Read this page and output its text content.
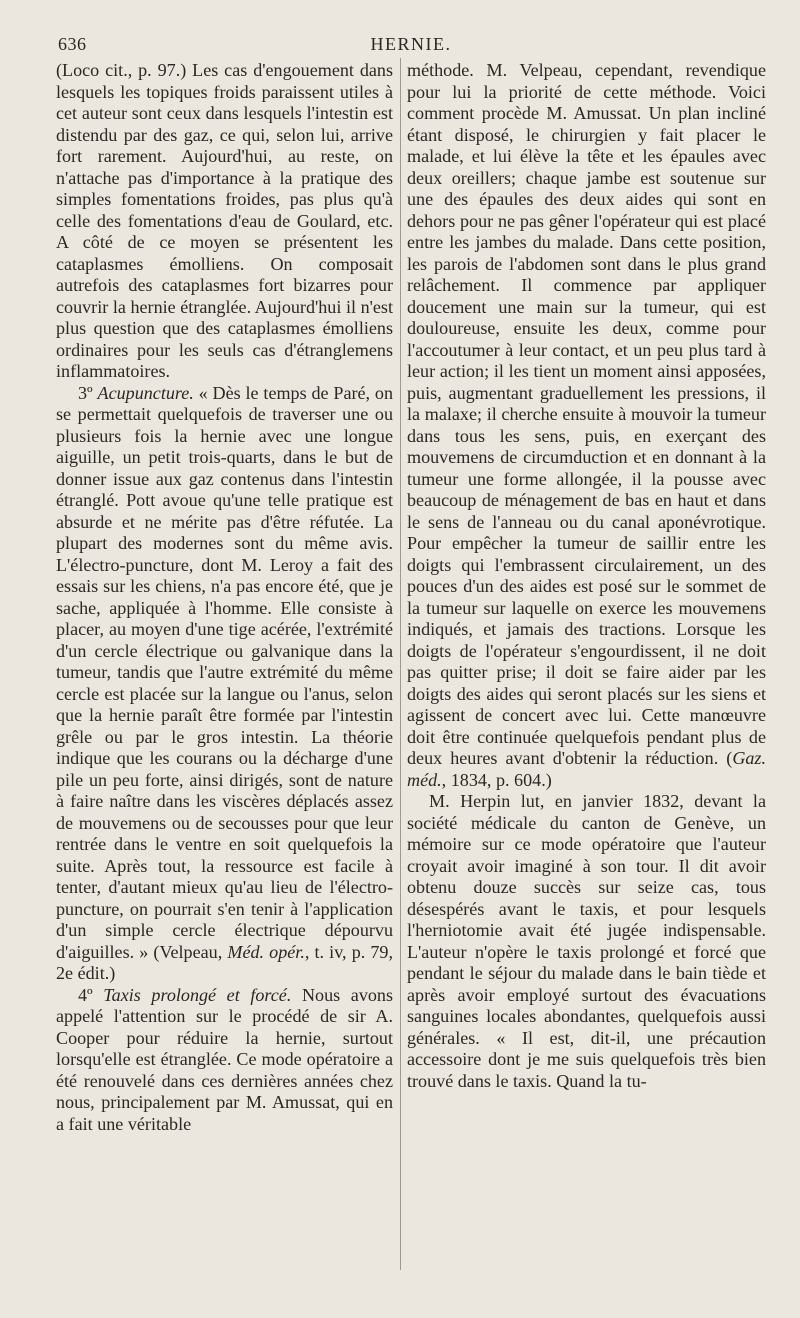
636	HERNIE.

(Loco cit., p. 97.) Les cas d'engouement dans lesquels les topiques froids paraissent utiles à cet auteur sont ceux dans lesquels l'intestin est distendu par des gaz, ce qui, selon lui, arrive fort rarement. Aujourd'hui, au reste, on n'attache pas d'importance à la pratique des simples fomentations froides, pas plus qu'à celle des fomentations d'eau de Goulard, etc. A côté de ce moyen se présentent les cataplasmes émolliens. On composait autrefois des cataplasmes fort bizarres pour couvrir la hernie étranglée. Aujourd'hui il n'est plus question que des cataplasmes émolliens ordinaires pour les seuls cas d'étranglemens inflammatoires.

3º Acupuncture. « Dès le temps de Paré, on se permettait quelquefois de traverser une ou plusieurs fois la hernie avec une longue aiguille, un petit trois-quarts, dans le but de donner issue aux gaz contenus dans l'intestin étranglé. Pott avoue qu'une telle pratique est absurde et ne mérite pas d'être réfutée. La plupart des modernes sont du même avis. L'électro-puncture, dont M. Leroy a fait des essais sur les chiens, n'a pas encore été, que je sache, appliquée à l'homme. Elle consiste à placer, au moyen d'une tige acérée, l'extrémité d'un cercle électrique ou galvanique dans la tumeur, tandis que l'autre extrémité du même cercle est placée sur la langue ou l'anus, selon que la hernie paraît être formée par l'intestin grêle ou par le gros intestin. La théorie indique que les courans ou la décharge d'une pile un peu forte, ainsi dirigés, sont de nature à faire naître dans les viscères déplacés assez de mouvemens ou de secousses pour que leur rentrée dans le ventre en soit quelquefois la suite. Après tout, la ressource est facile à tenter, d'autant mieux qu'au lieu de l'électro-puncture, on pourrait s'en tenir à l'application d'un simple cercle électrique dépourvu d'aiguilles. » (Velpeau, Méd. opér., t. iv, p. 79, 2e édit.)

4º Taxis prolongé et forcé. Nous avons appelé l'attention sur le procédé de sir A. Cooper pour réduire la hernie, surtout lorsqu'elle est étranglée. Ce mode opératoire a été renouvelé dans ces dernières années chez nous, principalement par M. Amussat, qui en a fait une véritable

méthode. M. Velpeau, cependant, revendique pour lui la priorité de cette méthode. Voici comment procède M. Amussat. Un plan incliné étant disposé, le chirurgien y fait placer le malade, et lui élève la tête et les épaules avec deux oreillers; chaque jambe est soutenue sur une des épaules des deux aides qui sont en dehors pour ne pas gêner l'opérateur qui est placé entre les jambes du malade. Dans cette position, les parois de l'abdomen sont dans le plus grand relâchement. Il commence par appliquer doucement une main sur la tumeur, qui est douloureuse, ensuite les deux, comme pour l'accoutumer à leur contact, et un peu plus tard à leur action; il les tient un moment ainsi apposées, puis, augmentant graduellement les pressions, il la malaxe; il cherche ensuite à mouvoir la tumeur dans tous les sens, puis, en exerçant des mouvemens de circumduction et en donnant à la tumeur une forme allongée, il la pousse avec beaucoup de ménagement de bas en haut et dans le sens de l'anneau ou du canal aponévrotique. Pour empêcher la tumeur de saillir entre les doigts qui l'embrassent circulairement, un des pouces d'un des aides est posé sur le sommet de la tumeur sur laquelle on exerce les mouvemens indiqués, et jamais des tractions. Lorsque les doigts de l'opérateur s'engourdissent, il ne doit pas quitter prise; il doit se faire aider par les doigts des aides qui seront placés sur les siens et agissent de concert avec lui. Cette manœuvre doit être continuée quelquefois pendant plus de deux heures avant d'obtenir la réduction. (Gaz. méd., 1834, p. 604.)

M. Herpin lut, en janvier 1832, devant la société médicale du canton de Genève, un mémoire sur ce mode opératoire que l'auteur croyait avoir imaginé à son tour. Il dit avoir obtenu douze succès sur seize cas, tous désespérés avant le taxis, et pour lesquels l'herniotomie avait été jugée indispensable. L'auteur n'opère le taxis prolongé et forcé que pendant le séjour du malade dans le bain tiède et après avoir employé surtout des évacuations sanguines locales abondantes, quelquefois aussi générales. « Il est, dit-il, une précaution accessoire dont je me suis quelquefois très bien trouvé dans le taxis. Quand la tu-
